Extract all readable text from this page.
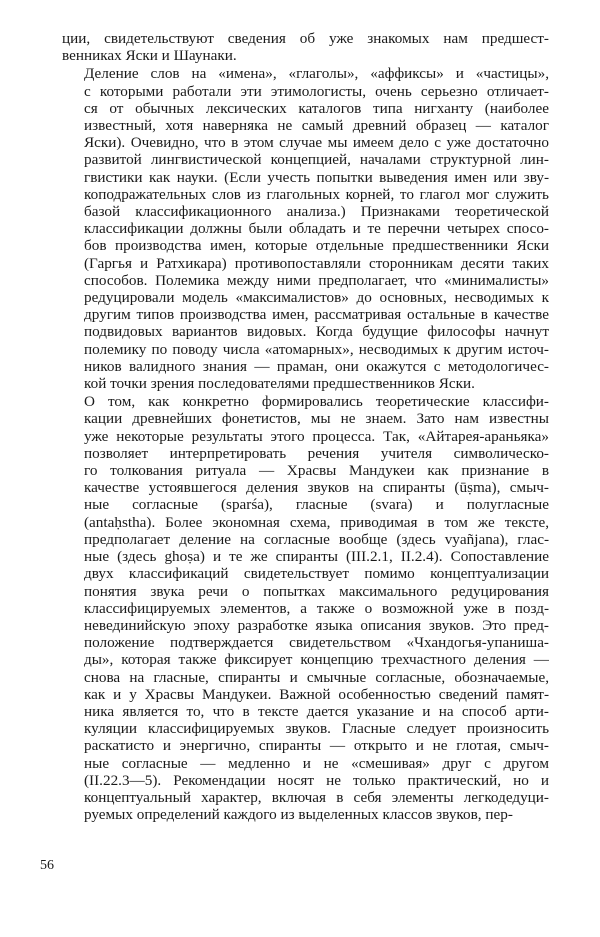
ции, свидетельствуют сведения об уже знакомых нам предшест-
венниках Яски и Шаунаки.
Деление слов на «имена», «глаголы», «аффиксы» и «частицы»,
с которыми работали эти этимологисты, очень серьезно отличает-
ся от обычных лексических каталогов типа нигханту (наиболее
известный, хотя наверняка не самый древний образец — каталог
Яски). Очевидно, что в этом случае мы имеем дело с уже достаточно
развитой лингвистической концепцией, началами структурной лин-
гвистики как науки. (Если учесть попытки выведения имен или зву-
коподражательных слов из глагольных корней, то глагол мог служить
базой классификационного анализа.) Признаками теоретической
классификации должны были обладать и те перечни четырех спосо-
бов производства имен, которые отдельные предшественники Яски
(Гаргья и Ратхикара) противопоставляли сторонникам десяти таких
способов. Полемика между ними предполагает, что «минималисты»
редуцировали модель «максималистов» до основных, несводимых к
другим типов производства имен, рассматривая остальные в качестве
подвидовых вариантов видовых. Когда будущие философы начнут
полемику по поводу числа «атомарных», несводимых к другим источ-
ников валидного знания — праман, они окажутся с методологичес-
кой точки зрения последователями предшественников Яски.
О том, как конкретно формировались теоретические классифи-
кации древнейших фонетистов, мы не знаем. Зато нам известны
уже некоторые результаты этого процесса. Так, «Айтарея-араньяка»
позволяет интерпретировать речения учителя символическо-
го толкования ритуала — Храсвы Мандукеи как признание в
качестве устоявшегося деления звуков на спиранты (ūṣma), смыч-
ные согласные (sparśa), гласные (svara) и полугласные
(antaḥstha). Более экономная схема, приводимая в том же тексте,
предполагает деление на согласные вообще (здесь vyañjana), глас-
ные (здесь ghoṣa) и те же спиранты (III.2.1, II.2.4). Сопоставление
двух классификаций свидетельствует помимо концептуализации
понятия звука речи о попытках максимального редуцирования
классифицируемых элементов, а также о возможной уже в позд-
невединийскую эпоху разработке языка описания звуков. Это пред-
положение подтверждается свидетельством «Чхандогья-упаниша-
ды», которая также фиксирует концепцию трехчастного деления —
снова на гласные, спиранты и смычные согласные, обозначаемые,
как и у Храсвы Мандукеи. Важной особенностью сведений памят-
ника является то, что в тексте дается указание и на способ арти-
куляции классифицируемых звуков. Гласные следует произносить
раскатисто и энергично, спиранты — открыто и не глотая, смыч-
ные согласные — медленно и не «смешивая» друг с другом
(II.22.3—5). Рекомендации носят не только практический, но и
концептуальный характер, включая в себя элементы легкодедуци-
руемых определений каждого из выделенных классов звуков, пер-
56
